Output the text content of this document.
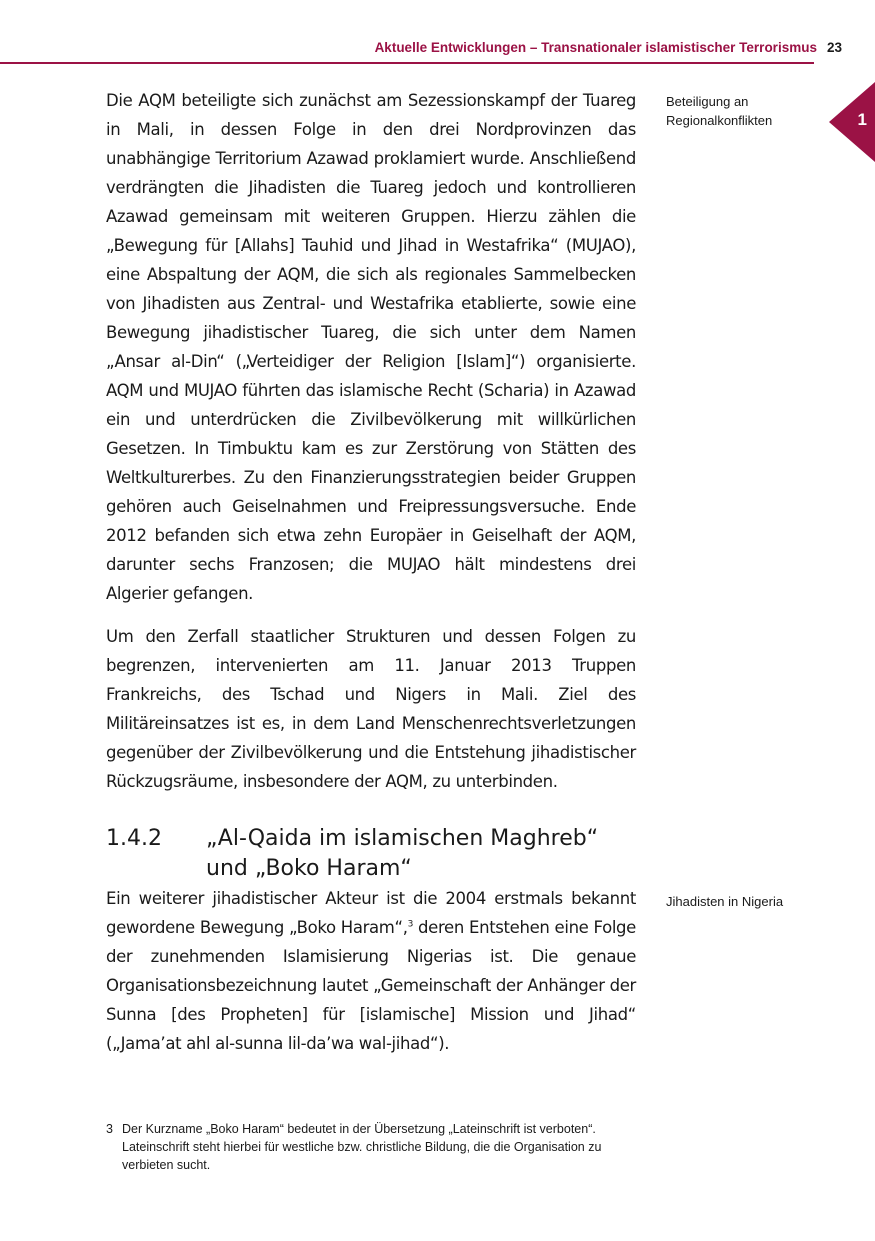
Aktuelle Entwicklungen – Transnationaler islamistischer Terrorismus 23
1
Beteiligung an Regionalkonflikten

Die AQM beteiligte sich zunächst am Sezessionskampf der Tuareg in Mali, in dessen Folge in den drei Nordprovinzen das unabhängige Territorium Azawad proklamiert wurde. Anschließend verdrängten die Jihadisten die Tuareg jedoch und kontrollieren Azawad gemeinsam mit weiteren Gruppen. Hierzu zählen die „Bewegung für [Allahs] Tauhid und Jihad in Westafrika“ (MUJAO), eine Abspaltung der AQM, die sich als regionales Sammelbecken von Jihadisten aus Zentral- und Westafrika etablierte, sowie eine Bewegung jihadistischer Tuareg, die sich unter dem Namen „Ansar al-Din“ („Verteidiger der Religion [Islam]“) organisierte. AQM und MUJAO führten das islamische Recht (Scharia) in Azawad ein und unterdrücken die Zivilbevölkerung mit willkürlichen Gesetzen. In Timbuktu kam es zur Zerstörung von Stätten des Weltkulturerbes. Zu den Finanzierungsstrategien beider Gruppen gehören auch Geiselnahmen und Freipressungsversuche. Ende 2012 befanden sich etwa zehn Europäer in Geiselhaft der AQM, darunter sechs Franzosen; die MUJAO hält mindestens drei Algerier gefangen.

Um den Zerfall staatlicher Strukturen und dessen Folgen zu begrenzen, intervenierten am 11. Januar 2013 Truppen Frankreichs, des Tschad und Nigers in Mali. Ziel des Militäreinsatzes ist es, in dem Land Menschenrechtsverletzungen gegenüber der Zivilbevölkerung und die Entstehung jihadistischer Rückzugsräume, insbesondere der AQM, zu unterbinden.

1.4.2 „Al-Qaida im islamischen Maghreb“
und „Boko Haram“
Jihadisten in Nigeria

Ein weiterer jihadistischer Akteur ist die 2004 erstmals bekannt gewordene Bewegung „Boko Haram“,$^3$ deren Entstehen eine Folge der zunehmenden Islamisierung Nigerias ist. Die genaue Organisationsbezeichnung lautet „Gemeinschaft der Anhänger der Sunna [des Propheten] für [islamische] Mission und Jihad“ („Jama’at ahl al-sunna lil-da’wa wal-jihad“).

3 Der Kurzname „Boko Haram“ bedeutet in der Übersetzung „Lateinschrift ist verboten“. Lateinschrift steht hierbei für westliche bzw. christliche Bildung, die die Organisation zu verbieten sucht.
